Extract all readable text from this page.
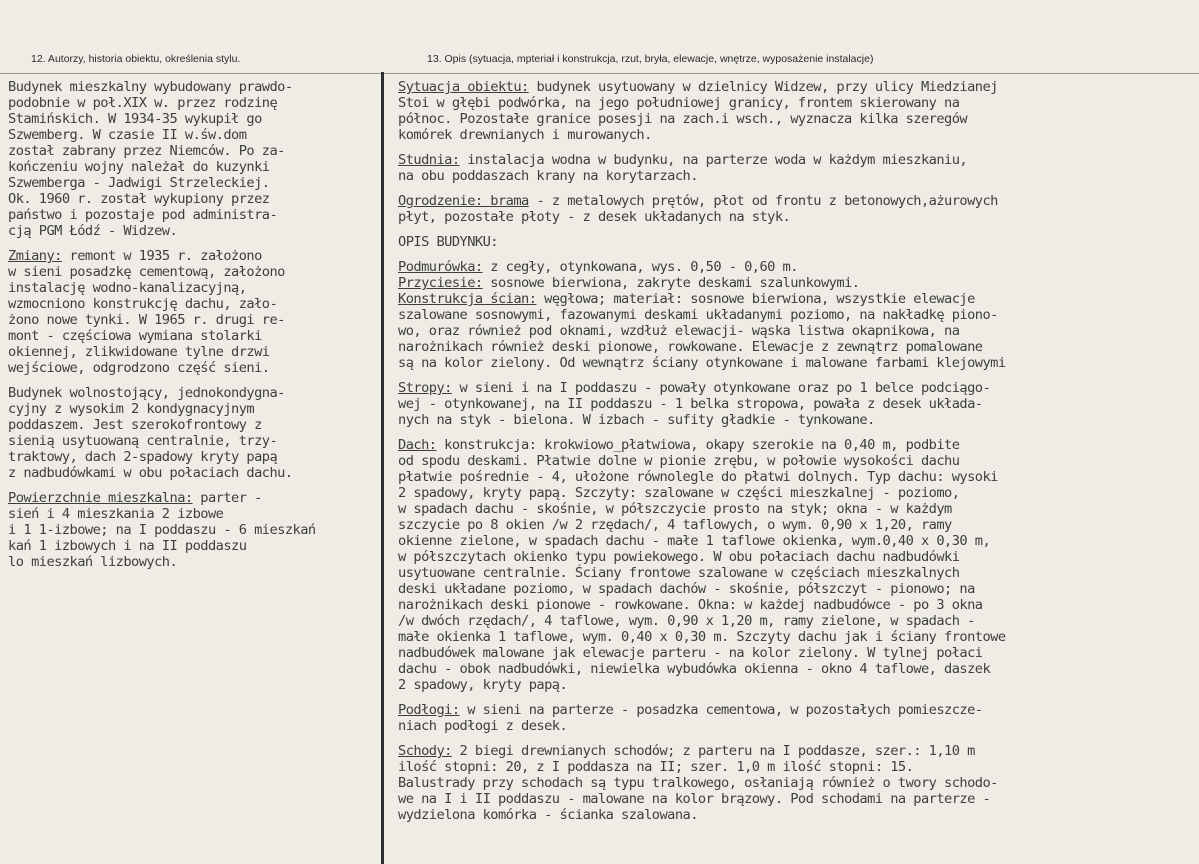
12. Autorzy, historia obiektu, określenia stylu.	13. Opis (sytuacja, mpteriał i konstrukcja, rzut, bryła, elewacje, wnętrze, wyposażenie instalacje)

Budynek mieszkalny wybudowany prawdo-
podobnie w poł.XIX w. przez rodzinę
Stamińskich. W 1934-35 wykupił go
Szwemberg. W czasie II w.św.dom
został zabrany przez Niemców. Po za-
kończeniu wojny należał do kuzynki
Szwemberga - Jadwigi Strzeleckiej.
Ok. 1960 r. został wykupiony przez
państwo i pozostaje pod administra-
cją PGM Łódź - Widzew.

Zmiany: remont w 1935 r. założono
w sieni posadzkę cementową, założono
instalację wodno-kanalizacyjną,
wzmocniono konstrukcję dachu, zało-
żono nowe tynki. W 1965 r. drugi re-
mont - częściowa wymiana stolarki
okiennej, zlikwidowane tylne drzwi
wejściowe, odgrodzono część sieni.

Budynek wolnostojący, jednokondygna-
cyjny z wysokim 2 kondygnacyjnym
poddaszem. Jest szerokofrontowy z
sienią usytuowaną centralnie, trzy-
traktowy, dach 2-spadowy kryty papą
z nadbudówkami w obu połaciach dachu.

Powierzchnie mieszkalna: parter -
sień i 4 mieszkania 2 izbowe
i 1 1-izbowe; na I poddaszu - 6 mieszkań
kań 1 izbowych i na II poddaszu
lo mieszkań lizbowych.

Sytuacja obiektu: budynek usytuowany w dzielnicy Widzew, przy ulicy Miedzianej
Stoi w głębi podwórka, na jego południowej granicy, frontem skierowany na
północ. Pozostałe granice posesji na zach.i wsch., wyznacza kilka szeregów
komórek drewnianych i murowanych.

Studnia: instalacja wodna w budynku, na parterze woda w każdym mieszkaniu,
na obu poddaszach krany na korytarzach.

Ogrodzenie: brama - z metalowych prętów, płot od frontu z betonowych,ażurowych
płyt, pozostałe płoty - z desek układanych na styk.

OPIS BUDYNKU:

Podmurówka: z cegły, otynkowana, wys. 0,50 - 0,60 m.
Przyciesie: sosnowe bierwiona, zakryte deskami szalunkowymi.
Konstrukcja ścian: węgłowa; materiał: sosnowe bierwiona, wszystkie elewacje
szalowane sosnowymi, fazowanymi deskami układanymi poziomo, na nakładkę piono-
wo, oraz również pod oknami, wzdłuż elewacji- wąska listwa okapnikowa, na
narożnikach również deski pionowe, rowkowane. Elewacje z zewnątrz pomalowane
są na kolor zielony. Od wewnątrz ściany otynkowane i malowane farbami klejowymi

Stropy: w sieni i na I poddaszu - powały otynkowane oraz po 1 belce podciągo-
wej - otynkowanej, na II poddaszu - 1 belka stropowa, powała z desek układa-
nych na styk - bielona. W izbach - sufity gładkie - tynkowane.

Dach: konstrukcja: krokwiowo_płatwiowa, okapy szerokie na 0,40 m, podbite
od spodu deskami. Płatwie dolne w pionie zrębu, w połowie wysokości dachu
płatwie pośrednie - 4, ułożone równolegle do płatwi dolnych. Typ dachu: wysoki
2 spadowy, kryty papą. Szczyty: szalowane w części mieszkalnej - poziomo,
w spadach dachu - skośnie, w półszczycie prosto na styk; okna - w każdym
szczycie po 8 okien /w 2 rzędach/, 4 taflowych, o wym. 0,90 x 1,20, ramy
okienne zielone, w spadach dachu - małe 1 taflowe okienka, wym.0,40 x 0,30 m,
w półszczytach okienko typu powiekowego. W obu połaciach dachu nadbudówki
usytuowane centralnie. Ściany frontowe szalowane w częściach mieszkalnych
deski układane poziomo, w spadach dachów - skośnie, półszczyt - pionowo; na
narożnikach deski pionowe - rowkowane. Okna: w każdej nadbudówce - po 3 okna
/w dwóch rzędach/, 4 taflowe, wym. 0,90 x 1,20 m, ramy zielone, w spadach -
małe okienka 1 taflowe, wym. 0,40 x 0,30 m. Szczyty dachu jak i ściany frontowe
nadbudówek malowane jak elewacje parteru - na kolor zielony. W tylnej połaci
dachu - obok nadbudówki, niewielka wybudówka okienna - okno 4 taflowe, daszek
2 spadowy, kryty papą.

Podłogi: w sieni na parterze - posadzka cementowa, w pozostałych pomieszcze-
niach podłogi z desek.

Schody: 2 biegi drewnianych schodów; z parteru na I poddasze, szer.: 1,10 m
ilość stopni: 20, z I poddasza na II; szer. 1,0 m ilość stopni: 15.
Balustrady przy schodach są typu tralkowego, osłaniają również o twory schodo-
we na I i II poddaszu - malowane na kolor brązowy. Pod schodami na parterze -
wydzielona komórka - ścianka szalowana.
